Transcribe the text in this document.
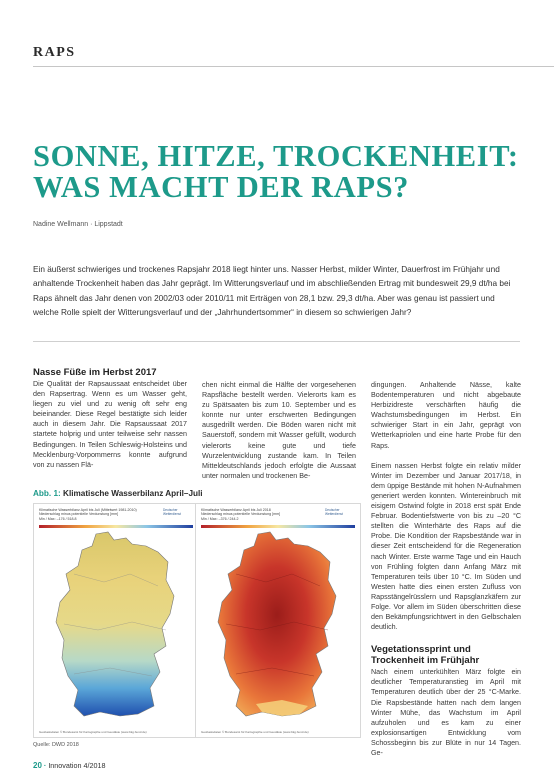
RAPS
SONNE, HITZE, TROCKENHEIT:
WAS MACHT DER RAPS?
Nadine Wellmann · Lippstadt

Ein äußerst schwieriges und trockenes Rapsjahr 2018 liegt hinter uns. Nasser Herbst, milder Winter, Dauerfrost im Frühjahr und anhaltende Trockenheit haben das Jahr geprägt. Im Witterungsverlauf und im abschließenden Ertrag mit bundesweit 29,9 dt/ha bei Raps ähnelt das Jahr denen von 2002/03 oder 2010/11 mit Erträgen von 28,1 bzw. 29,3 dt/ha. Aber was genau ist passiert und welche Rolle spielt der Witterungsverlauf und der „Jahrhundertsommer“ in diesem so schwierigen Jahr?

Nasse Füße im Herbst 2017

Die Qualität der Rapsaussaat entscheidet über den Rapsertrag. Wenn es um Wasser geht, liegen zu viel und zu wenig oft sehr eng beieinander. Diese Regel bestätigte sich leider auch in diesem Jahr. Die Rapsaussaat 2017 startete holprig und unter teilweise sehr nassen Bedingungen. In Teilen Schleswig-Holsteins und Mecklenburg-Vorpommerns konnte aufgrund von zu nassen Flä-

chen nicht einmal die Hälfte der vorgesehenen Rapsfläche bestellt werden. Vielerorts kam es zu Spätsaaten bis zum 10. September und es konnte nur unter erschwerten Bedingungen ausgedrillt werden. Die Böden waren nicht mit Sauerstoff, sondern mit Wasser gefüllt, wodurch vielerorts keine gute und tiefe Wurzelentwicklung zustande kam. In Teilen Mitteldeutschlands jedoch erfolgte die Aussaat unter normalen und trockenen Be-

dingungen. Anhaltende Nässe, kalte Bodentemperaturen und nicht abgebaute Herbizidreste verschärften häufig die Wachstumsbedingungen im Herbst. Ein schwieriger Start in ein Jahr, geprägt von Wetterkapriolen und eine harte Probe für den Raps.

Einem nassen Herbst folgte ein relativ milder Winter im Dezember und Januar 2017/18, in dem üppige Bestände mit hohen N-Aufnahmen generiert werden konnten. Wintereinbruch mit eisigem Ostwind folgte in 2018 erst spät Ende Februar. Bodentiefstwerte von bis zu –20 °C stellten die Winterhärte des Raps auf die Probe. Die Kondition der Rapsbestände war in dieser Zeit entscheidend für die Regeneration nach Winter. Erste warme Tage und ein Hauch von Frühling folgten dann Anfang März mit Temperaturen teils über 10 °C. Im Süden und Westen hatte dies einen ersten Zufluss von Rapsstängelrüsslern und Rapsglanzkäfern zur Folge. Vor allem im Süden überschritten diese den Bekämpfungsrichtwert in den Gelbschalen deutlich.

Vegetationssprint und Trockenheit im Frühjahr

Nach einem unterkühlten März folgte ein deutlicher Temperaturanstieg im April mit Temperaturen deutlich über der 25 °C-Marke. Die Rapsbestände hatten nach dem langen Winter Mühe, das Wachstum im April aufzuholen und es kam zu einer explosionsartigen Entwicklung vom Schossbeginn bis zur Blüte in nur 14 Tagen. Ge-

Abb. 1: Klimatische Wasserbilanz April–Juli
Klimatische Wasserbilanz April bis Juli (Mittelwert 1981-2010)
Niederschlag minus potentielle Verdunstung [mm]
Min / Max: –176 / 518.8
Deutscher Wetterdienst
Geobasisdaten © Bundesamt für Kartographie und Geodäsie (www.bkg.bund.de)
Klimatische Wasserbilanz April bis Juli 2018
Niederschlag minus potentielle Verdunstung [mm]
Min / Max: –376 / 244.2
Deutscher Wetterdienst
Geobasisdaten © Bundesamt für Kartographie und Geodäsie (www.bkg.bund.de)
Quelle: DWD 2018
20 · Innovation 4/2018
